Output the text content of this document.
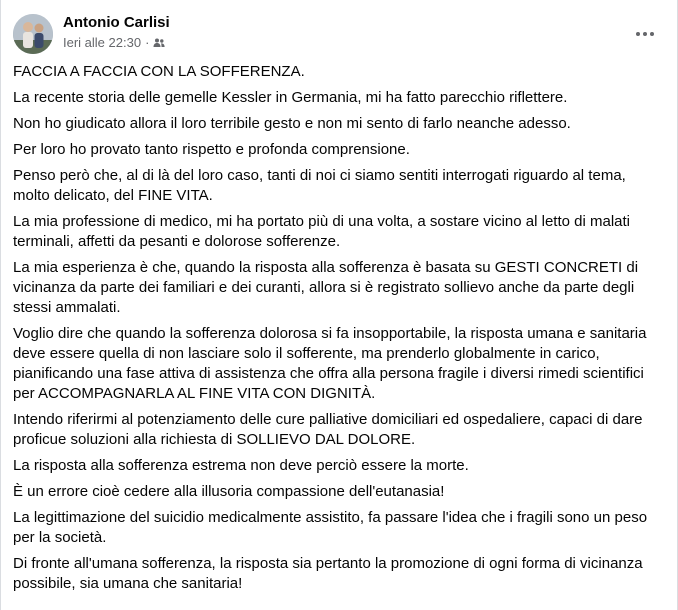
Antonio Carlisi
Ieri alle 22:30 ·

FACCIA A FACCIA CON LA SOFFERENZA.

La recente storia delle gemelle Kessler in Germania, mi ha fatto parecchio riflettere.

Non ho giudicato allora il loro terribile gesto e non mi sento di farlo neanche adesso.

Per loro ho provato tanto rispetto e profonda comprensione.

Penso però che, al di là del loro caso, tanti di noi ci siamo sentiti interrogati riguardo al tema, molto delicato, del FINE VITA.

La mia professione di medico, mi ha portato più di una volta, a sostare vicino al letto di malati terminali, affetti da pesanti e dolorose sofferenze.

La mia esperienza è che, quando la risposta alla sofferenza è basata su GESTI CONCRETI di vicinanza da parte dei familiari e dei curanti, allora si è registrato sollievo anche da parte degli stessi ammalati.

Voglio dire che quando la sofferenza dolorosa si fa insopportabile, la risposta umana e sanitaria deve essere quella di non lasciare solo il sofferente, ma prenderlo globalmente in carico, pianificando una fase attiva di assistenza che offra alla persona fragile i diversi rimedi scientifici per ACCOMPAGNARLA AL FINE VITA CON DIGNITÀ.

Intendo riferirmi al potenziamento delle cure palliative domiciliari ed ospedaliere, capaci di dare proficue soluzioni alla richiesta di SOLLIEVO DAL DOLORE.

La risposta alla sofferenza estrema non deve perciò essere la morte.

È un errore cioè cedere alla illusoria compassione dell'eutanasia!

La legittimazione del suicidio medicalmente assistito, fa passare l'idea che i fragili sono un peso per la società.

Di fronte all'umana sofferenza, la risposta sia pertanto la promozione di ogni forma di vicinanza possibile, sia umana che sanitaria!
